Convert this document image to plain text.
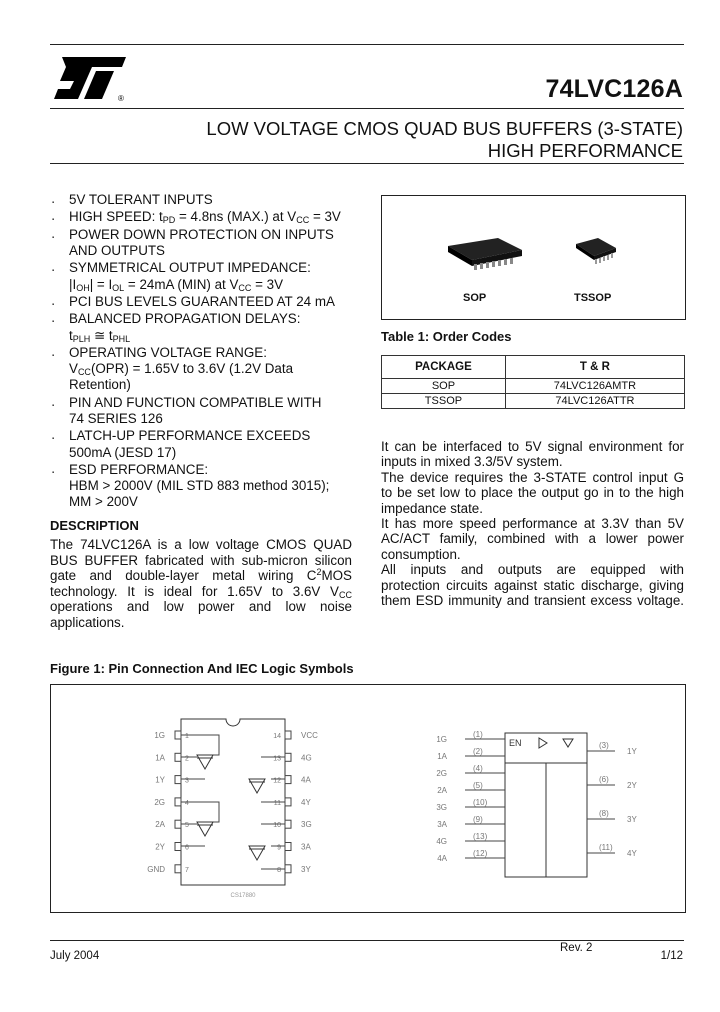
®	74LVC126A
LOW VOLTAGE CMOS QUAD BUS BUFFERS (3-STATE)
HIGH PERFORMANCE
▪ 5V TOLERANT INPUTS
▪ HIGH SPEED: $t_{PD} = 4.8ns$ (MAX.) at $V_{CC} = 3V$
▪ POWER DOWN PROTECTION ON INPUTS
AND OUTPUTS
▪ SYMMETRICAL OUTPUT IMPEDANCE:
$|I_{OH}| = I_{OL} = 24mA$ (MIN) at $V_{CC} = 3V$
▪ PCI BUS LEVELS GUARANTEED AT 24 mA
▪ BALANCED PROPAGATION DELAYS:
$t_{PLH}$ ≅ $t_{PHL}$
▪ OPERATING VOLTAGE RANGE:
$V_{CC}(OPR) = 1.65V$ to 3.6V (1.2V Data
Retention)
▪ PIN AND FUNCTION COMPATIBLE WITH
74 SERIES 126
▪ LATCH-UP PERFORMANCE EXCEEDS
500mA (JESD 17)
▪ ESD PERFORMANCE:
HBM > 2000V (MIL STD 883 method 3015);
MM > 200V
DESCRIPTION
The 74LVC126A is a low voltage CMOS QUAD
BUS BUFFER fabricated with sub-micron silicon
gate and double-layer metal wiring $C^2MOS$
technology. It is ideal for 1.65V to 3.6V $V_{CC}$
operations and low power and low noise
applications.
SOP	TSSOP
Table 1: Order Codes
PACKAGE	T & R
SOP	74LVC126AMTR
TSSOP	74LVC126ATTR
It can be interfaced to 5V signal environment for
inputs in mixed 3.3/5V system.
The device requires the 3-STATE control input G
to be set low to place the output go in to the high
impedance state.
It has more speed performance at 3.3V than 5V
AC/ACT family, combined with a lower power
consumption.
All inputs and outputs are equipped with
protection circuits against static discharge, giving
them ESD immunity and transient excess voltage.
Figure 1: Pin Connection And IEC Logic Symbols
1G	1
1A	2
1Y	3
2G	4
2A	5
2Y	6
GND	7
VCC
14
4G
13
4A
12
4Y
11
3G
10
3A
9
3Y
8
CS17880
EN
1G
(1)
1A
(2)
2G
(4)
2A
(5)
3G
(10)
3A
(9)
4G
(13)
4A
(12)
(3)
1Y
(6)
2Y
(8)
3Y
(11)
4Y
Rev. 2
July 2004	1/12
